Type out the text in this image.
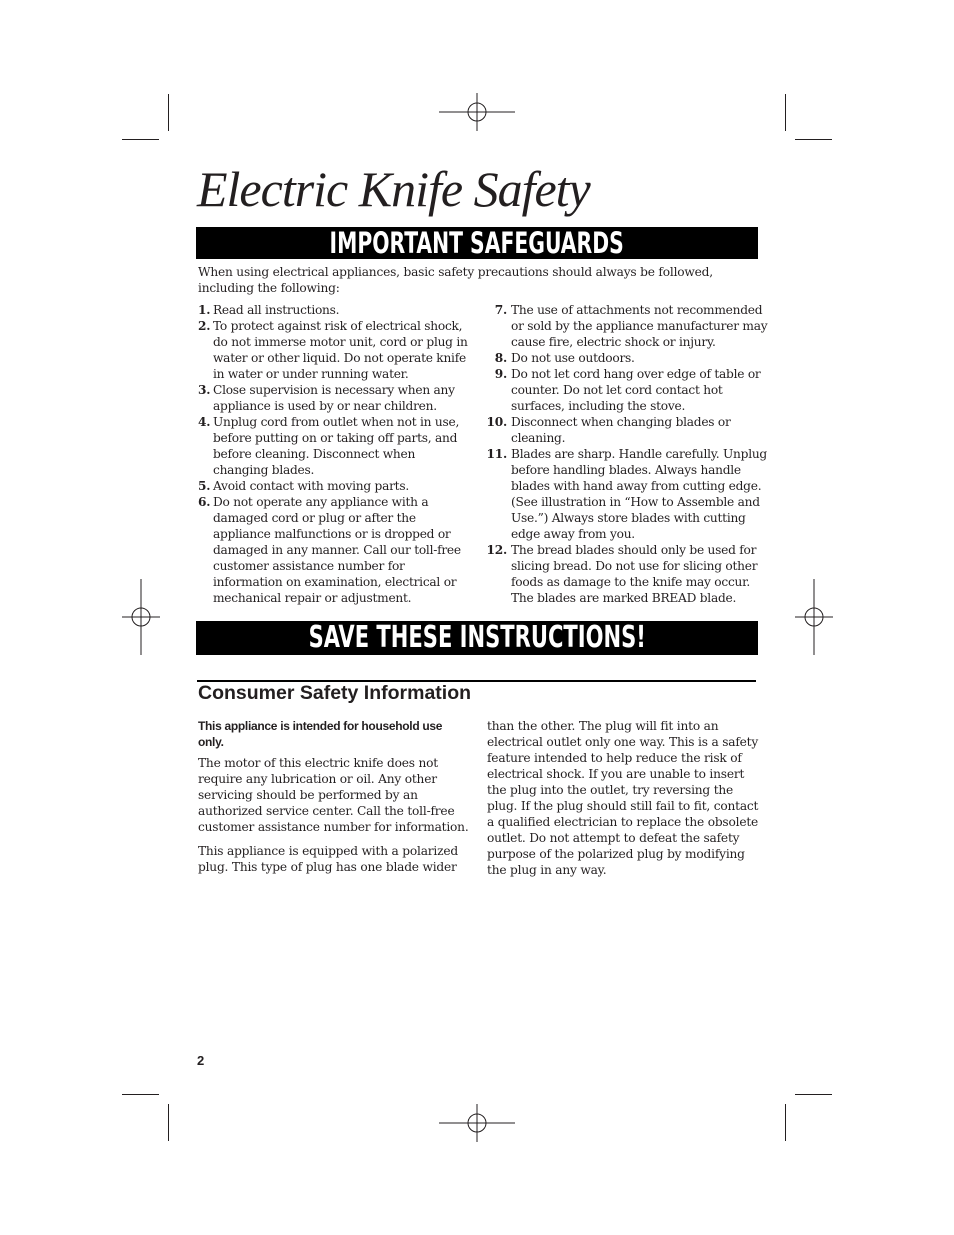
Electric Knife Safety
IMPORTANT SAFEGUARDS
When using electrical appliances, basic safety precautions should always be followed, including the following:
1. Read all instructions.
2. To protect against risk of electrical shock, do not immerse motor unit, cord or plug in water or other liquid. Do not operate knife in water or under running water.
3. Close supervision is necessary when any appliance is used by or near children.
4. Unplug cord from outlet when not in use, before putting on or taking off parts, and before cleaning. Disconnect when changing blades.
5. Avoid contact with moving parts.
6. Do not operate any appliance with a damaged cord or plug or after the appliance malfunctions or is dropped or damaged in any manner. Call our toll-free customer assistance number for information on examination, electrical or mechanical repair or adjustment.
7. The use of attachments not recommended or sold by the appliance manufacturer may cause fire, electric shock or injury.
8. Do not use outdoors.
9. Do not let cord hang over edge of table or counter. Do not let cord contact hot surfaces, including the stove.
10. Disconnect when changing blades or cleaning.
11. Blades are sharp. Handle carefully. Unplug before handling blades. Always handle blades with hand away from cutting edge. (See illustration in “How to Assemble and Use.”) Always store blades with cutting edge away from you.
12. The bread blades should only be used for slicing bread. Do not use for slicing other foods as damage to the knife may occur. The blades are marked BREAD blade.
SAVE THESE INSTRUCTIONS!
Consumer Safety Information
This appliance is intended for household use only.
The motor of this electric knife does not require any lubrication or oil. Any other servicing should be performed by an authorized service center. Call the toll-free customer assistance number for information.
This appliance is equipped with a polarized plug. This type of plug has one blade wider
than the other. The plug will fit into an electrical outlet only one way. This is a safety feature intended to help reduce the risk of electrical shock. If you are unable to insert the plug into the outlet, try reversing the plug. If the plug should still fail to fit, contact a qualified electrician to replace the obsolete outlet. Do not attempt to defeat the safety purpose of the polarized plug by modifying the plug in any way.
2
